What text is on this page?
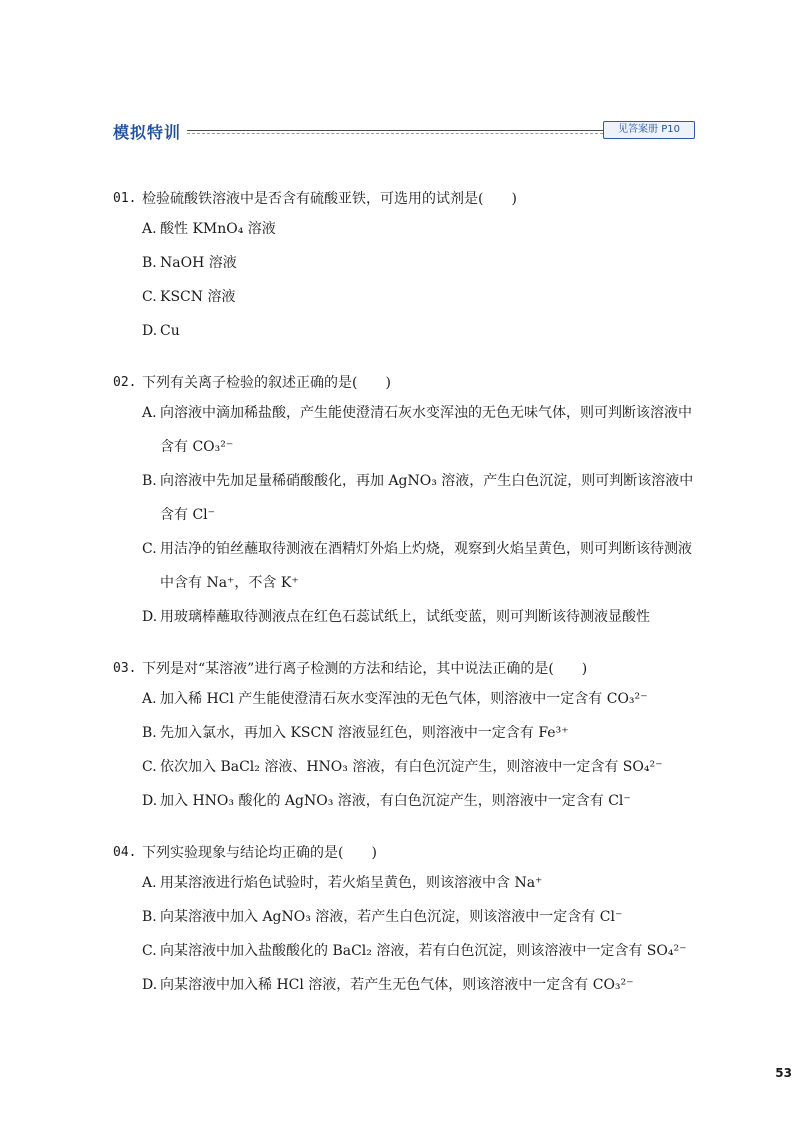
模拟特训	见答案册 P10
01. 检验硫酸铁溶液中是否含有硫酸亚铁，可选用的试剂是(　　)
A. 酸性 KMnO₄ 溶液
B. NaOH 溶液
C. KSCN 溶液
D. Cu
02. 下列有关离子检验的叙述正确的是(　　)
A. 向溶液中滴加稀盐酸，产生能使澄清石灰水变浑浊的无色无味气体，则可判断该溶液中含有 CO₃²⁻
B. 向溶液中先加足量稀硝酸酸化，再加 AgNO₃ 溶液，产生白色沉淀，则可判断该溶液中含有 Cl⁻
C. 用洁净的铂丝蘸取待测液在酒精灯外焰上灼烧，观察到火焰呈黄色，则可判断该待测液中含有 Na⁺，不含 K⁺
D. 用玻璃棒蘸取待测液点在红色石蕊试纸上，试纸变蓝，则可判断该待测液显酸性
03. 下列是对“某溶液”进行离子检测的方法和结论，其中说法正确的是(　　)
A. 加入稀 HCl 产生能使澄清石灰水变浑浊的无色气体，则溶液中一定含有 CO₃²⁻
B. 先加入氯水，再加入 KSCN 溶液显红色，则溶液中一定含有 Fe³⁺
C. 依次加入 BaCl₂ 溶液、HNO₃ 溶液，有白色沉淀产生，则溶液中一定含有 SO₄²⁻
D. 加入 HNO₃ 酸化的 AgNO₃ 溶液，有白色沉淀产生，则溶液中一定含有 Cl⁻
04. 下列实验现象与结论均正确的是(　　)
A. 用某溶液进行焰色试验时，若火焰呈黄色，则该溶液中含 Na⁺
B. 向某溶液中加入 AgNO₃ 溶液，若产生白色沉淀，则该溶液中一定含有 Cl⁻
C. 向某溶液中加入盐酸酸化的 BaCl₂ 溶液，若有白色沉淀，则该溶液中一定含有 SO₄²⁻
D. 向某溶液中加入稀 HCl 溶液，若产生无色气体，则该溶液中一定含有 CO₃²⁻
53
